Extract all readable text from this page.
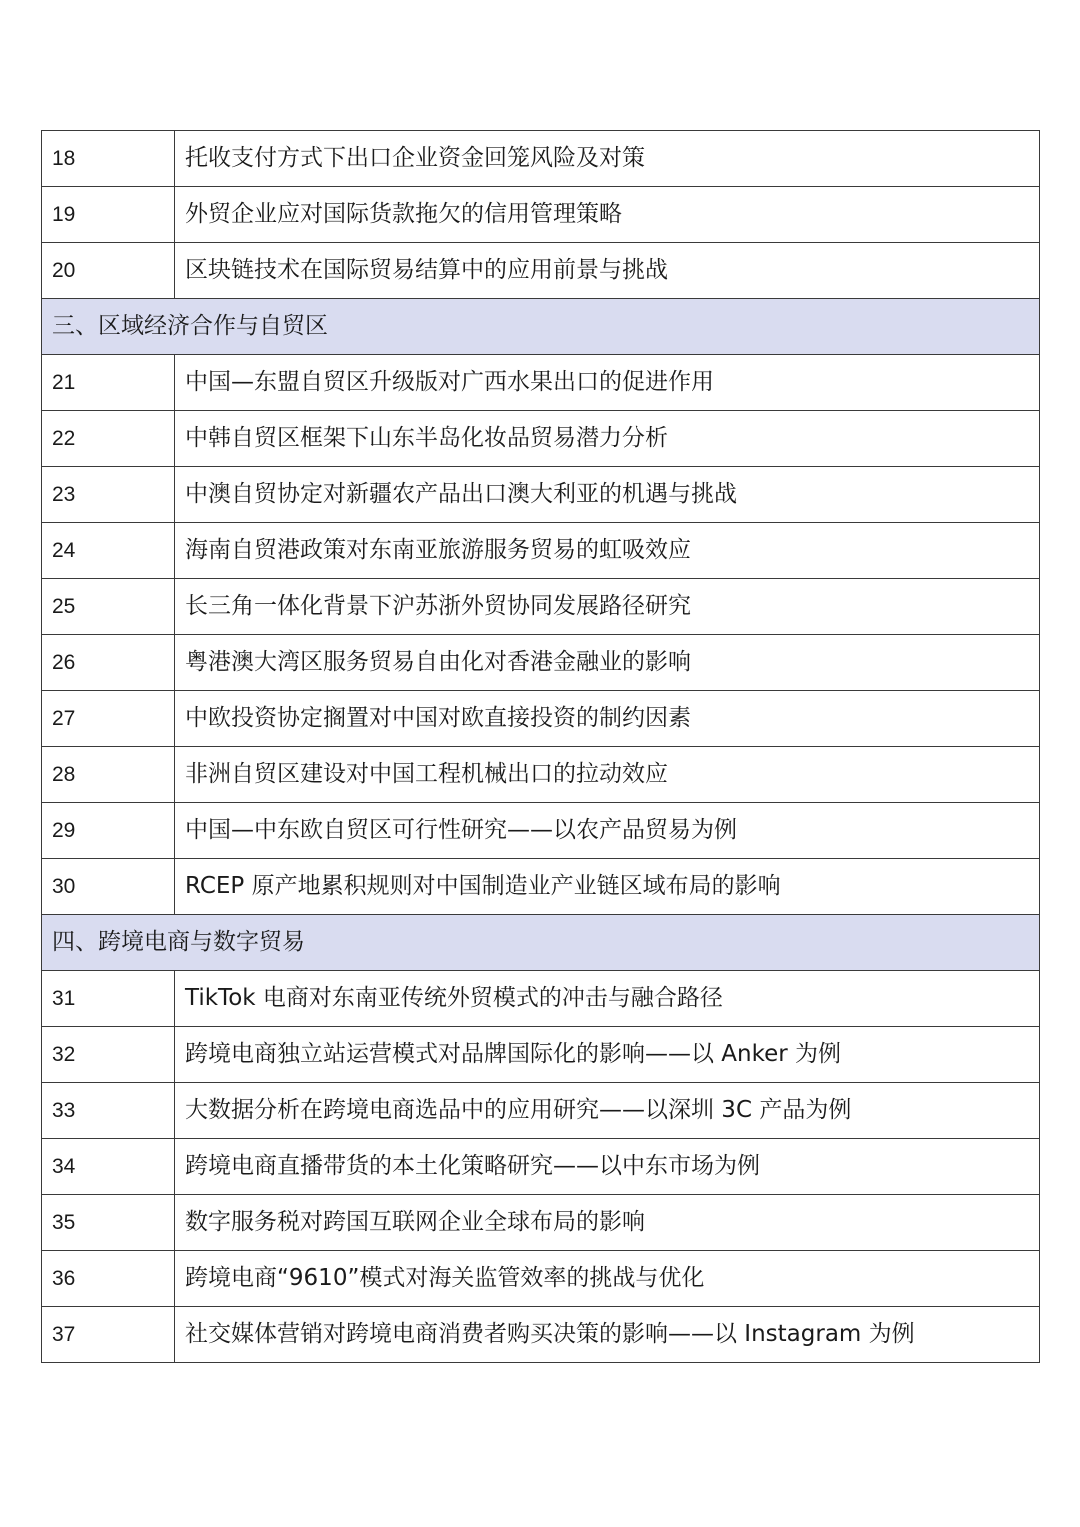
18	托收支付方式下出口企业资金回笼风险及对策
19	外贸企业应对国际货款拖欠的信用管理策略
20	区块链技术在国际贸易结算中的应用前景与挑战
三、区域经济合作与自贸区	
21	中国—东盟自贸区升级版对广西水果出口的促进作用
22	中韩自贸区框架下山东半岛化妆品贸易潜力分析
23	中澳自贸协定对新疆农产品出口澳大利亚的机遇与挑战
24	海南自贸港政策对东南亚旅游服务贸易的虹吸效应
25	长三角一体化背景下沪苏浙外贸协同发展路径研究
26	粤港澳大湾区服务贸易自由化对香港金融业的影响
27	中欧投资协定搁置对中国对欧直接投资的制约因素
28	非洲自贸区建设对中国工程机械出口的拉动效应
29	中国—中东欧自贸区可行性研究——以农产品贸易为例
30	RCEP 原产地累积规则对中国制造业产业链区域布局的影响
四、跨境电商与数字贸易	
31	TikTok 电商对东南亚传统外贸模式的冲击与融合路径
32	跨境电商独立站运营模式对品牌国际化的影响——以 Anker 为例
33	大数据分析在跨境电商选品中的应用研究——以深圳 3C 产品为例
34	跨境电商直播带货的本土化策略研究——以中东市场为例
35	数字服务税对跨国互联网企业全球布局的影响
36	跨境电商“9610”模式对海关监管效率的挑战与优化
37	社交媒体营销对跨境电商消费者购买决策的影响——以 Instagram 为例
